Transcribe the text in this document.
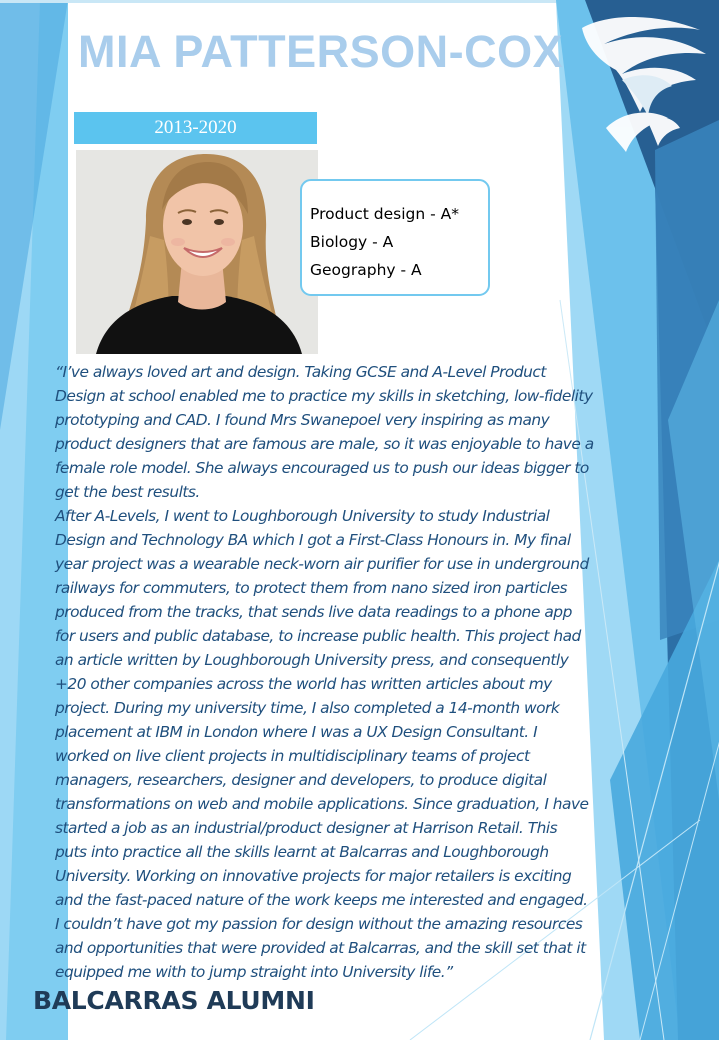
MIA PATTERSON-COX
2013-2020
Product design - A*
Biology - A
Geography - A

“I’ve always loved art and design. Taking GCSE and A-Level Product
Design at school enabled me to practice my skills in sketching, low-fidelity
prototyping and CAD. I found Mrs Swanepoel very inspiring as many
product designers that are famous are male, so it was enjoyable to have a
female role model. She always encouraged us to push our ideas bigger to
get the best results.
After A-Levels, I went to Loughborough University to study Industrial
Design and Technology BA which I got a First-Class Honours in. My final
year project was a wearable neck-worn air purifier for use in underground
railways for commuters, to protect them from nano sized iron particles
produced from the tracks, that sends live data readings to a phone app
for users and public database, to increase public health. This project had
an article written by Loughborough University press, and consequently
+20 other companies across the world has written articles about my
project. During my university time, I also completed a 14-month work
placement at IBM in London where I was a UX Design Consultant. I
worked on live client projects in multidisciplinary teams of project
managers, researchers, designer and developers, to produce digital
transformations on web and mobile applications. Since graduation, I have
started a job as an industrial/product designer at Harrison Retail. This
puts into practice all the skills learnt at Balcarras and Loughborough
University. Working on innovative projects for major retailers is exciting
and the fast-paced nature of the work keeps me interested and engaged.
I couldn’t have got my passion for design without the amazing resources
and opportunities that were provided at Balcarras, and the skill set that it
equipped me with to jump straight into University life.”

BALCARRAS ALUMNI
